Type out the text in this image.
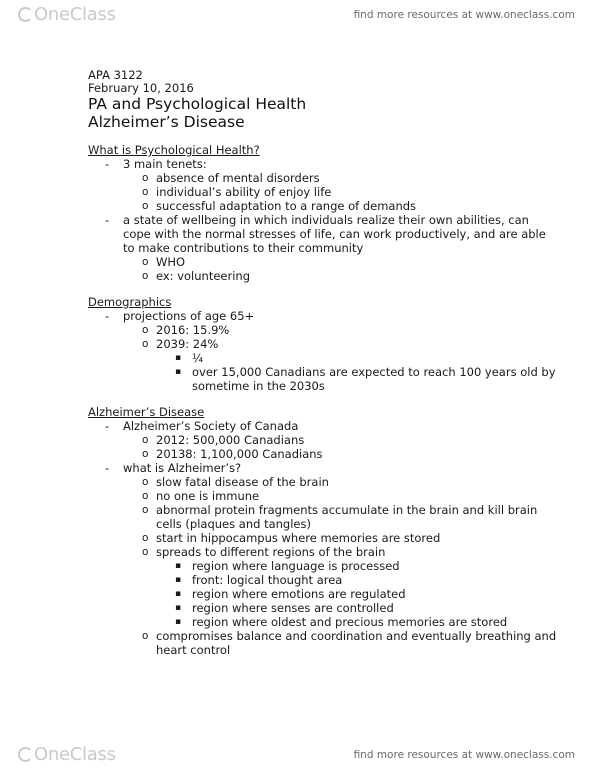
OneClass	find more resources at www.oneclass.com
APA 3122
February 10, 2016
PA and Psychological Health
Alzheimer’s Disease
What is Psychological Health?
- 3 main tenets:
o absence of mental disorders
o individual’s ability of enjoy life
o successful adaptation to a range of demands
- a state of wellbeing in which individuals realize their own abilities, can cope with the normal stresses of life, can work productively, and are able to make contributions to their community
o WHO
o ex: volunteering
Demographics
- projections of age 65+
o 2016: 15.9%
o 2039: 24%
▪ ¼
▪ over 15,000 Canadians are expected to reach 100 years old by sometime in the 2030s
Alzheimer’s Disease
- Alzheimer’s Society of Canada
o 2012: 500,000 Canadians
o 20138: 1,100,000 Canadians
- what is Alzheimer’s?
o slow fatal disease of the brain
o no one is immune
o abnormal protein fragments accumulate in the brain and kill brain cells (plaques and tangles)
o start in hippocampus where memories are stored
o spreads to different regions of the brain
▪ region where language is processed
▪ front: logical thought area
▪ region where emotions are regulated
▪ region where senses are controlled
▪ region where oldest and precious memories are stored
o compromises balance and coordination and eventually breathing and heart control
OneClass	find more resources at www.oneclass.com
